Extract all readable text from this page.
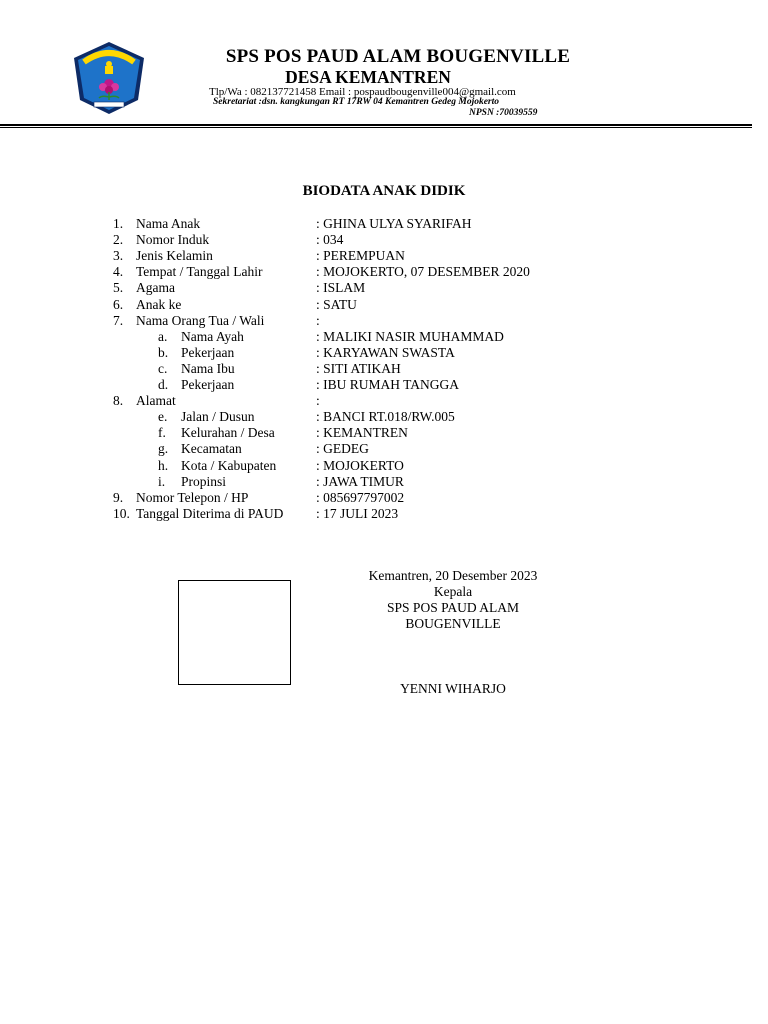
SPS POS PAUD ALAM BOUGENVILLE
DESA KEMANTREN
Tlp/Wa : 082137721458 Email : pospaudbougenville004@gmail.com
Sekretariat :dsn. kangkungan RT 17RW 04 Kemantren Gedeg Mojokerto
NPSN :70039559
BIODATA ANAK DIDIK
1. Nama Anak	: GHINA ULYA SYARIFAH
2. Nomor Induk	: 034
3. Jenis Kelamin	: PEREMPUAN
4. Tempat / Tanggal Lahir	: MOJOKERTO, 07 DESEMBER 2020
5. Agama	: ISLAM
6. Anak ke	: SATU
7. Nama Orang Tua / Wali	:
a. Nama Ayah	: MALIKI NASIR MUHAMMAD
b. Pekerjaan	: KARYAWAN SWASTA
c. Nama Ibu	: SITI ATIKAH
d. Pekerjaan	: IBU RUMAH TANGGA
8. Alamat	:
e. Jalan / Dusun	: BANCI RT.018/RW.005
f. Kelurahan / Desa	: KEMANTREN
g. Kecamatan	: GEDEG
h. Kota / Kabupaten	: MOJOKERTO
i. Propinsi	: JAWA TIMUR
9. Nomor Telepon / HP	: 085697797002
10. Tanggal Diterima di PAUD : 17 JULI 2023
Kemantren, 20 Desember 2023
Kepala
SPS POS PAUD ALAM
BOUGENVILLE
YENNI WIHARJO
